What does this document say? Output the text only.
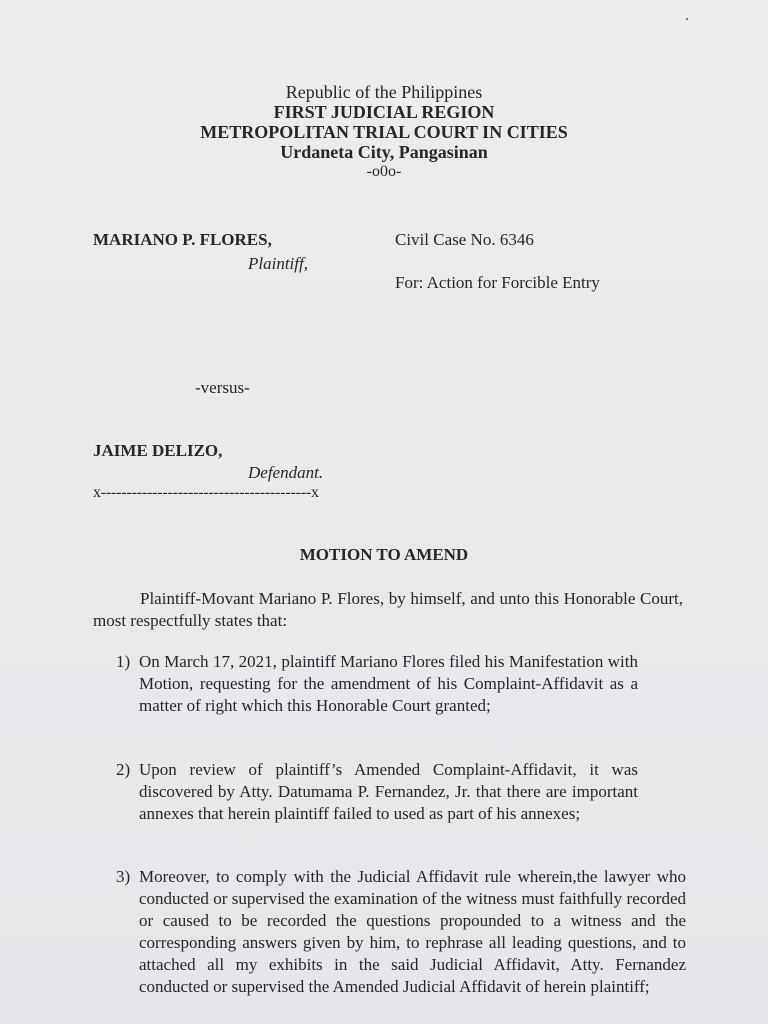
Republic of the Philippines
FIRST JUDICIAL REGION
METROPOLITAN TRIAL COURT IN CITIES
Urdaneta City, Pangasinan
-o0o-
MARIANO P. FLORES,
Plaintiff,
Civil Case No. 6346
For: Action for Forcible Entry
-versus-
JAIME DELIZO,
Defendant.
x-----------------------------------------x
MOTION TO AMEND
Plaintiff-Movant Mariano P. Flores, by himself, and unto this Honorable Court, most respectfully states that:
1) On March 17, 2021, plaintiff Mariano Flores filed his Manifestation with Motion, requesting for the amendment of his Complaint-Affidavit as a matter of right which this Honorable Court granted;
2) Upon review of plaintiff’s Amended Complaint-Affidavit, it was discovered by Atty. Datumama P. Fernandez, Jr. that there are important annexes that herein plaintiff failed to used as part of his annexes;
3) Moreover, to comply with the Judicial Affidavit rule wherein,the lawyer who conducted or supervised the examination of the witness must faithfully recorded or caused to be recorded the questions propounded to a witness and the corresponding answers given by him, to rephrase all leading questions, and to attached all my exhibits in the said Judicial Affidavit, Atty. Fernandez conducted or supervised the Amended Judicial Affidavit of herein plaintiff;
